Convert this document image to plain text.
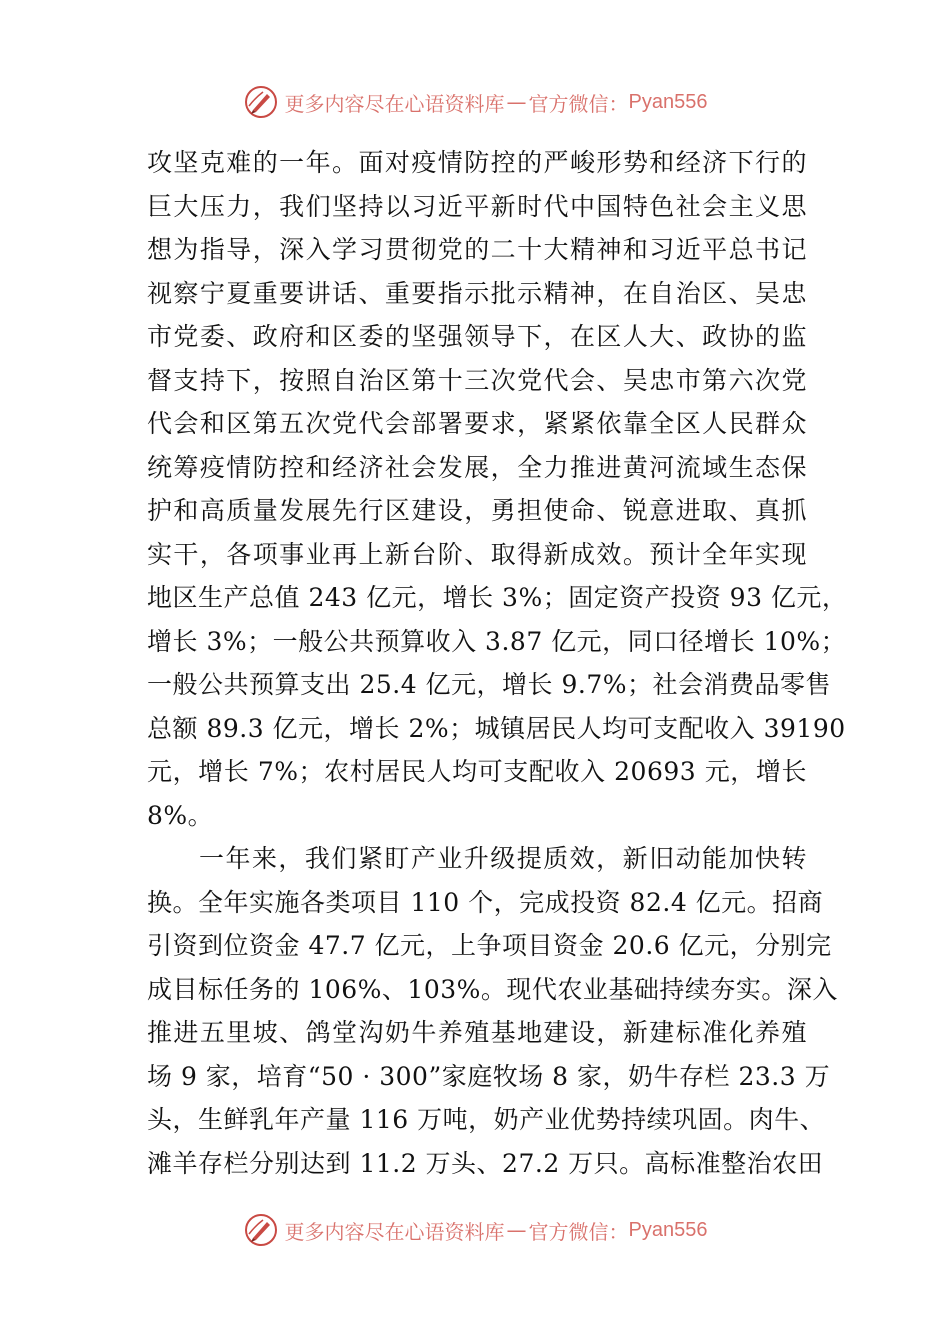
更多内容尽在心语资料库 — 官方微信： Pyan556

攻坚克难的一年。面对疫情防控的严峻形势和经济下行的
巨大压力，我们坚持以习近平新时代中国特色社会主义思
想为指导，深入学习贯彻党的二十大精神和习近平总书记
视察宁夏重要讲话、重要指示批示精神，在自治区、吴忠
市党委、政府和区委的坚强领导下，在区人大、政协的监
督支持下，按照自治区第十三次党代会、吴忠市第六次党
代会和区第五次党代会部署要求，紧紧依靠全区人民群众
统筹疫情防控和经济社会发展，全力推进黄河流域生态保
护和高质量发展先行区建设，勇担使命、锐意进取、真抓
实干，各项事业再上新台阶、取得新成效。预计全年实现
地区生产总值 243 亿元，增长 3%；固定资产投资 93 亿元，
增长 3%；一般公共预算收入 3.87 亿元，同口径增长 10%；
一般公共预算支出 25.4 亿元，增长 9.7%；社会消费品零售
总额 89.3 亿元，增长 2%；城镇居民人均可支配收入 39190
元，增长 7%；农村居民人均可支配收入 20693 元，增长
8%。

一年来，我们紧盯产业升级提质效，新旧动能加快转
换。全年实施各类项目 110 个，完成投资 82.4 亿元。招商
引资到位资金 47.7 亿元，上争项目资金 20.6 亿元，分别完
成目标任务的 106%、103%。现代农业基础持续夯实。深入
推进五里坡、鸽堂沟奶牛养殖基地建设，新建标准化养殖
场 9 家，培育“50 · 300”家庭牧场 8 家，奶牛存栏 23.3 万
头，生鲜乳年产量 116 万吨，奶产业优势持续巩固。肉牛、
滩羊存栏分别达到 11.2 万头、27.2 万只。高标准整治农田

更多内容尽在心语资料库 — 官方微信： Pyan556
